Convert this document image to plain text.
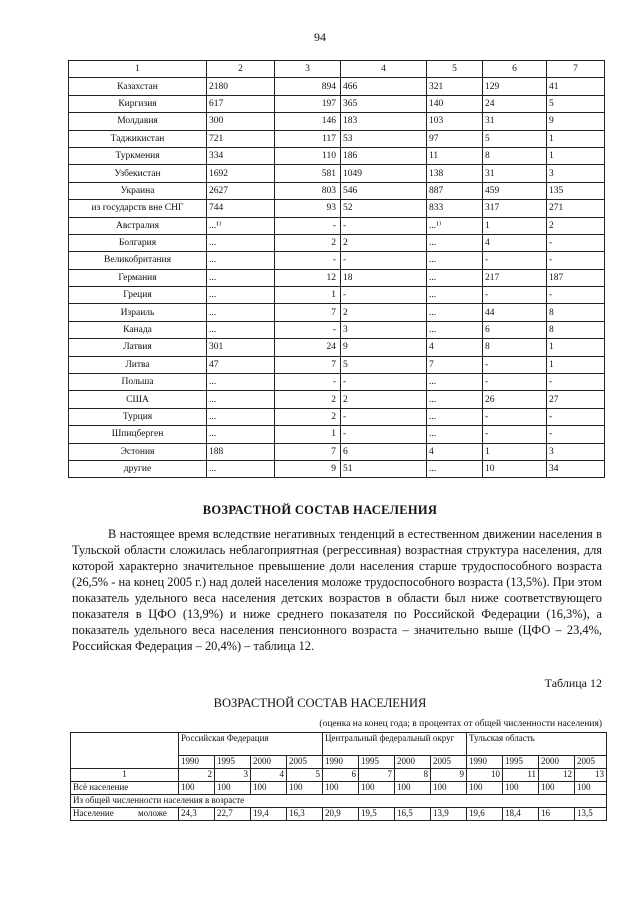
94
1	2	3	4	5	6	7
Казахстан	2180	894	466	321	129	41
Киргизия	617	197	365	140	24	5
Молдавия	300	146	183	103	31	9
Таджикистан	721	117	53	97	5	1
Туркмения	334	110	186	11	8	1
Узбекистан	1692	581	1049	138	31	3
Украина	2627	803	546	887	459	135
из государств вне СНГ	744	93	52	833	317	271
Австралия	...¹⁾	-	-	...¹⁾	1	2
Болгария	...	2	2	...	4	-
Великобритания	...	-	-	...	-	-
Германия	...	12	18	...	217	187
Греция	...	1	-	...	-	-
Израиль	...	7	2	...	44	8
Канада	...	-	3	...	6	8
Латвия	301	24	9	4	8	1
Литва	47	7	5	7	-	1
Польша	...	-	-	...	-	-
США	...	2	2	...	26	27
Турция	...	2	-	...	-	-
Шпицберген	...	1	-	...	-	-
Эстония	188	7	6	4	1	3
другие	...	9	51	...	10	34
ВОЗРАСТНОЙ СОСТАВ НАСЕЛЕНИЯ

В настоящее время вследствие негативных тенденций в естественном движении населения в Тульской области сложилась неблагоприятная (регрессивная) возрастная структура населения, для которой характерно значительное превышение доли населения старше трудоспособного возраста (26,5% - на конец 2005 г.) над долей населения моложе трудоспособного возраста (13,5%). При этом показатель удельного веса населения детских возрастов в области был ниже соответствующего показателя в ЦФО (13,9%) и ниже среднего показателя по Российской Федерации (16,3%), а показатель удельного веса населения пенсионного возраста – значительно выше (ЦФО – 23,4%, Российская Федерация – 20,4%) – таблица 12.

Таблица 12
ВОЗРАСТНОЙ СОСТАВ НАСЕЛЕНИЯ
(оценка на конец года; в процентах от общей численности населения)
	Российская Федерация				Центральный федеральный округ				Тульская область			
	1990	1995	2000	2005	1990	1995	2000	2005	1990	1995	2000	2005
1	2	3	4	5	6	7	8	9	10	11	12	13
Всё население	100	100	100	100	100	100	100	100	100	100	100	100
Из общей численности населения в возрасте												
Население моложе	24,3	22,7	19,4	16,3	20,9	19,5	16,5	13,9	19,6	18,4	16	13,5
